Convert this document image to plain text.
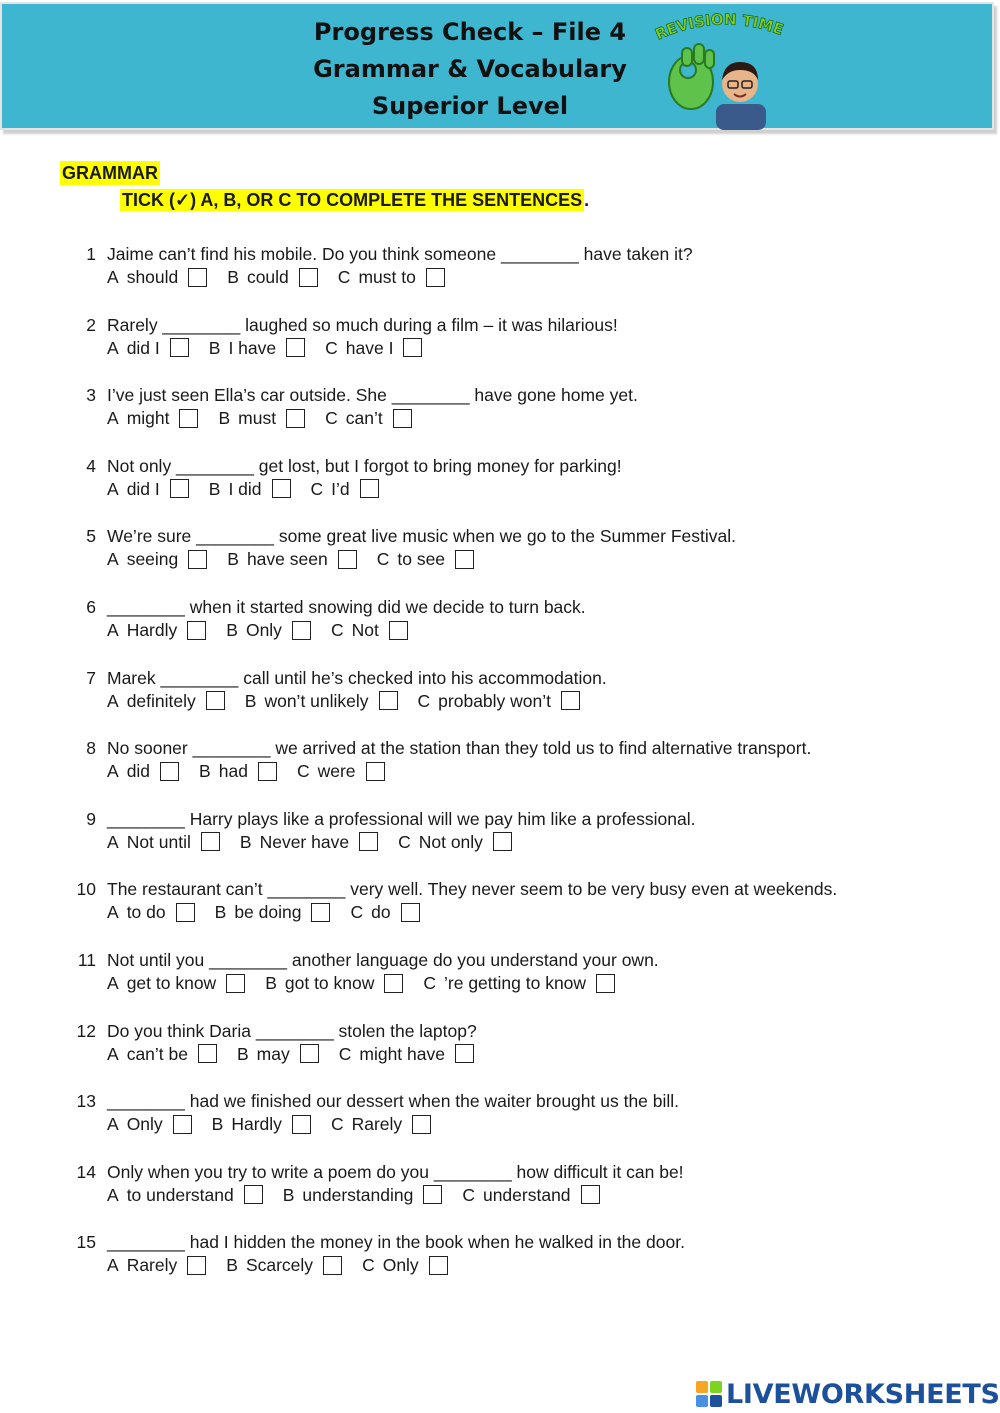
Progress Check – File 4
Grammar & Vocabulary
Superior Level
REVISION TIME
GRAMMAR
TICK (✓) A, B, OR C TO COMPLETE THE SENTENCES .
1 Jaime can’t find his mobile. Do you think someone ________ have taken it?
A should	B could	C must to
2 Rarely ________ laughed so much during a film – it was hilarious!
A did I	B I have	C have I
3 I’ve just seen Ella’s car outside. She ________ have gone home yet.
A might	B must	C can’t
4 Not only ________ get lost, but I forgot to bring money for parking!
A did I	B I did	C I’d
5 We’re sure ________ some great live music when we go to the Summer Festival.
A seeing	B have seen	C to see
6 ________ when it started snowing did we decide to turn back.
A Hardly	B Only	C Not
7 Marek ________ call until he’s checked into his accommodation.
A definitely	B won’t unlikely	C probably won’t
8 No sooner ________ we arrived at the station than they told us to find alternative transport.
A did	B had	C were
9 ________ Harry plays like a professional will we pay him like a professional.
A Not until	B Never have	C Not only
10 The restaurant can’t ________ very well. They never seem to be very busy even at weekends.
A to do	B be doing	C do
11 Not until you ________ another language do you understand your own.
A get to know	B got to know	C ’re getting to know
12 Do you think Daria ________ stolen the laptop?
A can’t be	B may	C might have
13 ________ had we finished our dessert when the waiter brought us the bill.
A Only	B Hardly	C Rarely
14 Only when you try to write a poem do you ________ how difficult it can be!
A to understand	B understanding	C understand
15 ________ had I hidden the money in the book when he walked in the door.
A Rarely	B Scarcely	C Only
LIVEWORKSHEETS
